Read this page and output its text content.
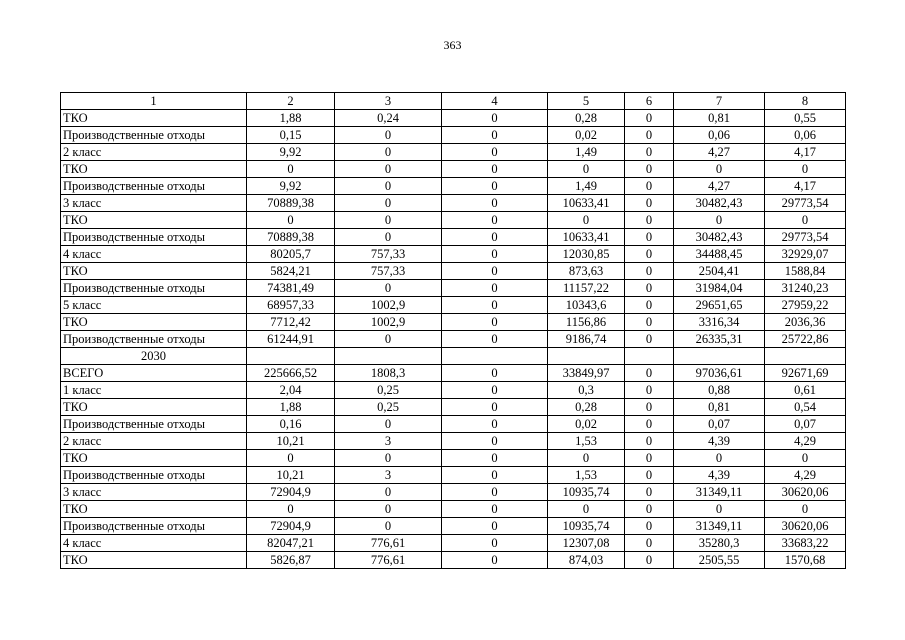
363
1	2	3	4	5	6	7	8
ТКО	1,88	0,24	0	0,28	0	0,81	0,55
Производственные отходы	0,15	0	0	0,02	0	0,06	0,06
2 класс	9,92	0	0	1,49	0	4,27	4,17
ТКО	0	0	0	0	0	0	0
Производственные отходы	9,92	0	0	1,49	0	4,27	4,17
3 класс	70889,38	0	0	10633,41	0	30482,43	29773,54
ТКО	0	0	0	0	0	0	0
Производственные отходы	70889,38	0	0	10633,41	0	30482,43	29773,54
4 класс	80205,7	757,33	0	12030,85	0	34488,45	32929,07
ТКО	5824,21	757,33	0	873,63	0	2504,41	1588,84
Производственные отходы	74381,49	0	0	11157,22	0	31984,04	31240,23
5 класс	68957,33	1002,9	0	10343,6	0	29651,65	27959,22
ТКО	7712,42	1002,9	0	1156,86	0	3316,34	2036,36
Производственные отходы	61244,91	0	0	9186,74	0	26335,31	25722,86
2030							
ВСЕГО	225666,52	1808,3	0	33849,97	0	97036,61	92671,69
1 класс	2,04	0,25	0	0,3	0	0,88	0,61
ТКО	1,88	0,25	0	0,28	0	0,81	0,54
Производственные отходы	0,16	0	0	0,02	0	0,07	0,07
2 класс	10,21	3	0	1,53	0	4,39	4,29
ТКО	0	0	0	0	0	0	0
Производственные отходы	10,21	3	0	1,53	0	4,39	4,29
3 класс	72904,9	0	0	10935,74	0	31349,11	30620,06
ТКО	0	0	0	0	0	0	0
Производственные отходы	72904,9	0	0	10935,74	0	31349,11	30620,06
4 класс	82047,21	776,61	0	12307,08	0	35280,3	33683,22
ТКО	5826,87	776,61	0	874,03	0	2505,55	1570,68
